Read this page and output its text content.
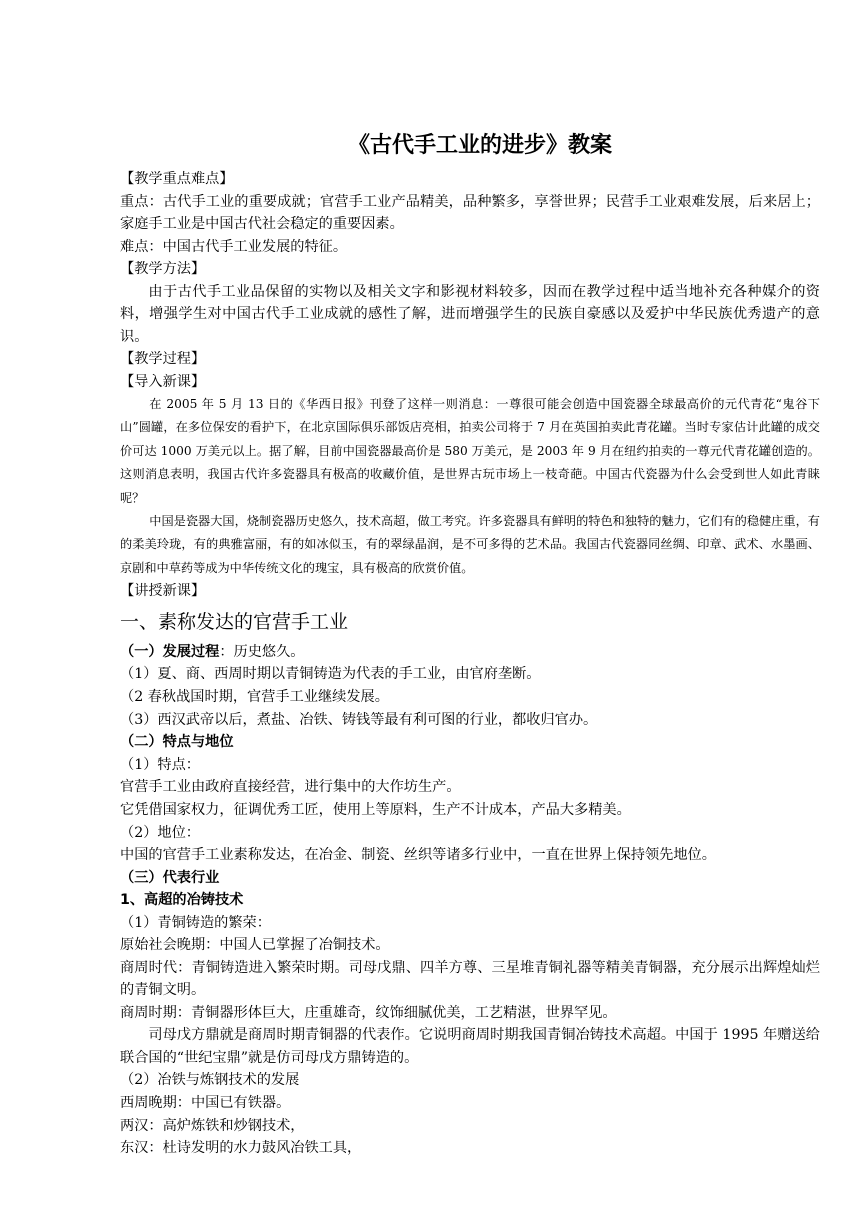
《古代手工业的进步》教案

【教学重点难点】

重点：古代手工业的重要成就；官营手工业产品精美，品种繁多，享誉世界；民营手工业艰难发展，后来居上；家庭手工业是中国古代社会稳定的重要因素。

难点：中国古代手工业发展的特征。

【教学方法】

由于古代手工业品保留的实物以及相关文字和影视材料较多，因而在教学过程中适当地补充各种媒介的资料，增强学生对中国古代手工业成就的感性了解，进而增强学生的民族自豪感以及爱护中华民族优秀遗产的意识。

【教学过程】

【导入新课】

在 2005 年 5 月 13 日的《华西日报》刊登了这样一则消息：一尊很可能会创造中国瓷器全球最高价的元代青花“鬼谷下山”圆罐，在多位保安的看护下，在北京国际俱乐部饭店亮相，拍卖公司将于 7 月在英国拍卖此青花罐。当时专家估计此罐的成交价可达 1000 万美元以上。据了解，目前中国瓷器最高价是 580 万美元，是 2003 年 9 月在纽约拍卖的一尊元代青花罐创造的。这则消息表明，我国古代许多瓷器具有极高的收藏价值，是世界古玩市场上一枝奇葩。中国古代瓷器为什么会受到世人如此青睐呢？

中国是瓷器大国，烧制瓷器历史悠久，技术高超，做工考究。许多瓷器具有鲜明的特色和独特的魅力，它们有的稳健庄重，有的柔美玲珑，有的典雅富丽，有的如冰似玉，有的翠绿晶润，是不可多得的艺术品。我国古代瓷器同丝绸、印章、武术、水墨画、京剧和中草药等成为中华传统文化的瑰宝，具有极高的欣赏价值。

【讲授新课】

一、素称发达的官营手工业

（一）发展过程：历史悠久。

（1）夏、商、西周时期以青铜铸造为代表的手工业，由官府垄断。

（2 春秋战国时期，官营手工业继续发展。

（3）西汉武帝以后，煮盐、冶铁、铸钱等最有利可图的行业，都收归官办。

（二）特点与地位

（1）特点：

官营手工业由政府直接经营，进行集中的大作坊生产。

它凭借国家权力，征调优秀工匠，使用上等原料，生产不计成本，产品大多精美。

（2）地位：

中国的官营手工业素称发达，在冶金、制瓷、丝织等诸多行业中，一直在世界上保持领先地位。

（三）代表行业

1、高超的冶铸技术

（1）青铜铸造的繁荣：

原始社会晚期：中国人已掌握了冶铜技术。

商周时代：青铜铸造进入繁荣时期。司母戊鼎、四羊方尊、三星堆青铜礼器等精美青铜器，充分展示出辉煌灿烂的青铜文明。

商周时期：青铜器形体巨大，庄重雄奇，纹饰细腻优美，工艺精湛，世界罕见。

司母戊方鼎就是商周时期青铜器的代表作。它说明商周时期我国青铜冶铸技术高超。中国于 1995 年赠送给联合国的“世纪宝鼎”就是仿司母戊方鼎铸造的。

（2）冶铁与炼钢技术的发展

西周晚期：中国已有铁器。

两汉：高炉炼铁和炒钢技术，

东汉：杜诗发明的水力鼓风冶铁工具，
